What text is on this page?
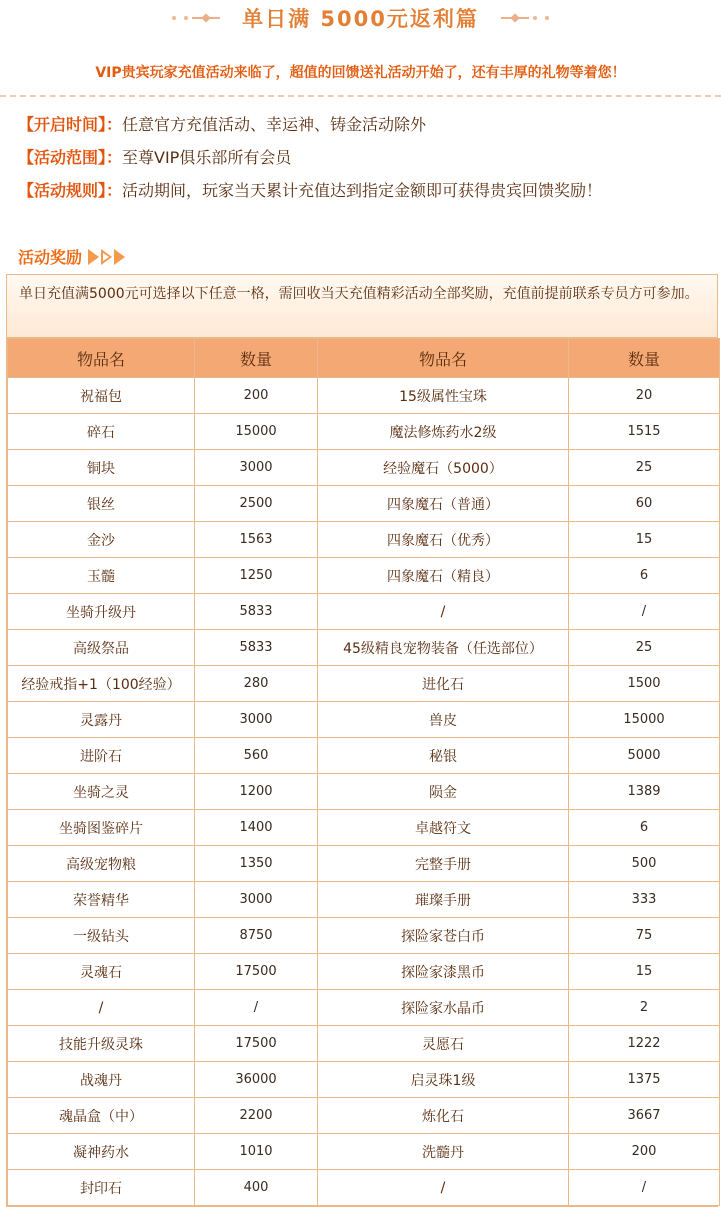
单日满 5000元返利篇
VIP贵宾玩家充值活动来临了，超值的回馈送礼活动开始了，还有丰厚的礼物等着您！
【开启时间】：任意官方充值活动、幸运神、铸金活动除外
【活动范围】：至尊VIP俱乐部所有会员
【活动规则】：活动期间，玩家当天累计充值达到指定金额即可获得贵宾回馈奖励！
活动奖励
单日充值满5000元可选择以下任意一格，需回收当天充值精彩活动全部奖励，充值前提前联系专员方可参加。
物品名	数量	物品名	数量
祝福包	200	15级属性宝珠	20
碎石	15000	魔法修炼药水2级	1515
铜块	3000	经验魔石（5000）	25
银丝	2500	四象魔石（普通）	60
金沙	1563	四象魔石（优秀）	15
玉髓	1250	四象魔石（精良）	6
坐骑升级丹	5833	/	/
高级祭品	5833	45级精良宠物装备（任选部位）	25
经验戒指+1（100经验）	280	进化石	1500
灵露丹	3000	兽皮	15000
进阶石	560	秘银	5000
坐骑之灵	1200	陨金	1389
坐骑图鉴碎片	1400	卓越符文	6
高级宠物粮	1350	完整手册	500
荣誉精华	3000	璀璨手册	333
一级钻头	8750	探险家苍白币	75
灵魂石	17500	探险家漆黑币	15
/	/	探险家水晶币	2
技能升级灵珠	17500	灵愿石	1222
战魂丹	36000	启灵珠1级	1375
魂晶盒（中）	2200	炼化石	3667
凝神药水	1010	洗髓丹	200
封印石	400	/	/
